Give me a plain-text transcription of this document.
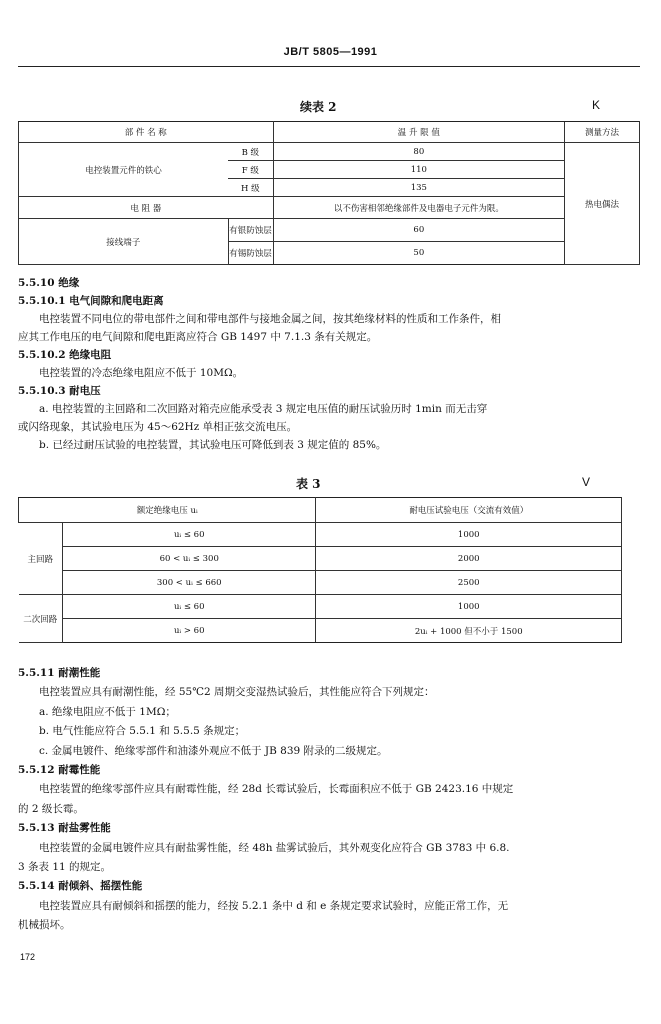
JB/T 5805—1991
续表 2	K
部 件 名 称		温 升 限 值	测量方法
电控装置元件的铁心	B 级	80	热电偶法
	F 级	110	
	H 级	135	
电 阻 器		以不伤害相邻绝缘部件及电器电子元件为限。	
接线端子	有银防蚀层	60	
	有锡防蚀层	50	
5.5.10 绝缘
5.5.10.1 电气间隙和爬电距离
电控装置不同电位的带电部件之间和带电部件与接地金属之间，按其绝缘材料的性质和工作条件，相
应其工作电压的电气间隙和爬电距离应符合 GB 1497 中 7.1.3 条有关规定。
5.5.10.2 绝缘电阻
电控装置的冷态绝缘电阻应不低于 10MΩ。
5.5.10.3 耐电压
a. 电控装置的主回路和二次回路对箱壳应能承受表 3 规定电压值的耐压试验历时 1min 而无击穿
或闪络现象，其试验电压为 45～62Hz 单相正弦交流电压。
b. 已经过耐压试验的电控装置，其试验电压可降低到表 3 规定值的 85%。
表 3	V
额定绝缘电压 uᵢ		耐电压试验电压（交流有效值）
主回路	uᵢ ≤ 60	1000
	60 < uᵢ ≤ 300	2000
	300 < uᵢ ≤ 660	2500
二次回路	uᵢ ≤ 60	1000
	uᵢ > 60	2uᵢ + 1000 但不小于 1500
5.5.11 耐潮性能
电控装置应具有耐潮性能，经 55℃2 周期交变湿热试验后，其性能应符合下列规定：
a. 绝缘电阻应不低于 1MΩ；
b. 电气性能应符合 5.5.1 和 5.5.5 条规定；
c. 金属电镀件、绝缘零部件和油漆外观应不低于 JB 839 附录的二级规定。
5.5.12 耐霉性能
电控装置的绝缘零部件应具有耐霉性能，经 28d 长霉试验后，长霉面积应不低于 GB 2423.16 中规定
的 2 级长霉。
5.5.13 耐盐雾性能
电控装置的金属电镀件应具有耐盐雾性能，经 48h 盐雾试验后，其外观变化应符合 GB 3783 中 6.8.
3 条表 11 的规定。
5.5.14 耐倾斜、摇摆性能
电控装置应具有耐倾斜和摇摆的能力，经按 5.2.1 条中 d 和 e 条规定要求试验时，应能正常工作，无
机械损坏。
172
